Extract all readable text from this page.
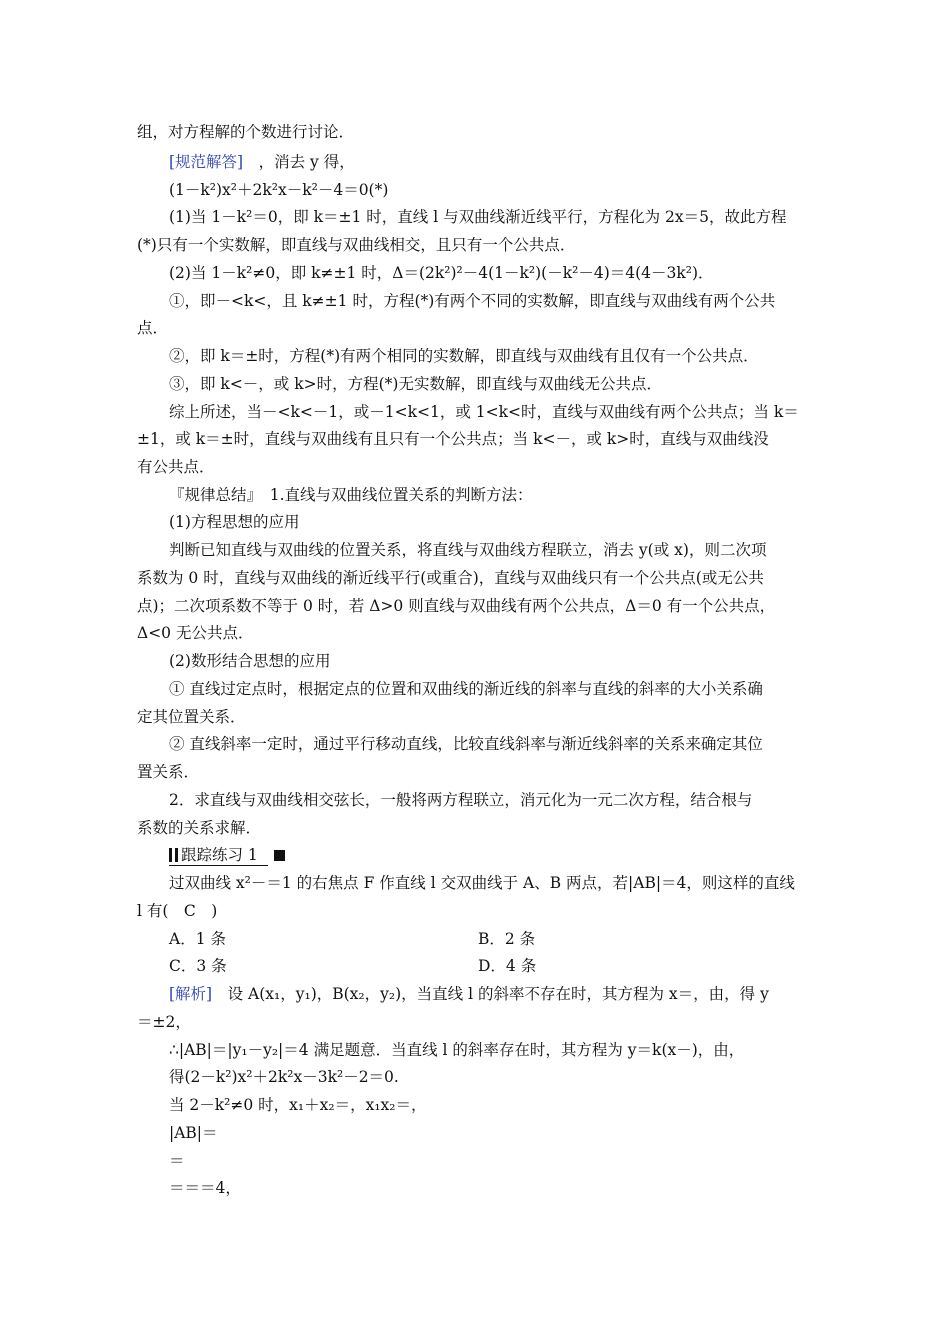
组，对方程解的个数进行讨论．
[规范解答]　，消去 y 得，
(1－k²)x²＋2k²x－k²－4＝0(*)
(1)当 1－k²＝0，即 k＝±1 时，直线 l 与双曲线渐近线平行，方程化为 2x＝5，故此方程
(*)只有一个实数解，即直线与双曲线相交，且只有一个公共点．
(2)当 1－k²≠0，即 k≠±1 时，Δ＝(2k²)²－4(1－k²)(－k²－4)＝4(4－3k²)．
①，即－<k<，且 k≠±1 时，方程(*)有两个不同的实数解，即直线与双曲线有两个公共
点．
②，即 k＝±时，方程(*)有两个相同的实数解，即直线与双曲线有且仅有一个公共点．
③，即 k<－，或 k>时，方程(*)无实数解，即直线与双曲线无公共点．
综上所述，当－<k<－1，或－1<k<1，或 1<k<时，直线与双曲线有两个公共点；当 k＝
±1，或 k＝±时，直线与双曲线有且只有一个公共点；当 k<－，或 k>时，直线与双曲线没
有公共点．
『规律总结』　1.直线与双曲线位置关系的判断方法：
(1)方程思想的应用
判断已知直线与双曲线的位置关系，将直线与双曲线方程联立，消去 y(或 x)，则二次项
系数为 0 时，直线与双曲线的渐近线平行(或重合)，直线与双曲线只有一个公共点(或无公共
点)；二次项系数不等于 0 时，若 Δ>0 则直线与双曲线有两个公共点，Δ＝0 有一个公共点，
Δ<0 无公共点．
(2)数形结合思想的应用
① 直线过定点时，根据定点的位置和双曲线的渐近线的斜率与直线的斜率的大小关系确
定其位置关系．
② 直线斜率一定时，通过平行移动直线，比较直线斜率与渐近线斜率的关系来确定其位
置关系．
2．求直线与双曲线相交弦长，一般将两方程联立，消元化为一元二次方程，结合根与
系数的关系求解．
跟踪练习 1
过双曲线 x²－＝1 的右焦点 F 作直线 l 交双曲线于 A、B 两点，若|AB|＝4，则这样的直线
l 有(　C　)
A．1 条	B．2 条
C．3 条	D．4 条
[解析]　设 A(x₁，y₁)，B(x₂，y₂)，当直线 l 的斜率不存在时，其方程为 x＝，由，得 y
＝±2，
∴|AB|＝|y₁－y₂|＝4 满足题意．当直线 l 的斜率存在时，其方程为 y＝k(x－)，由，
得(2－k²)x²＋2k²x－3k²－2＝0.
当 2－k²≠0 时，x₁＋x₂＝，x₁x₂＝，
|AB|＝
＝
＝＝＝4，
